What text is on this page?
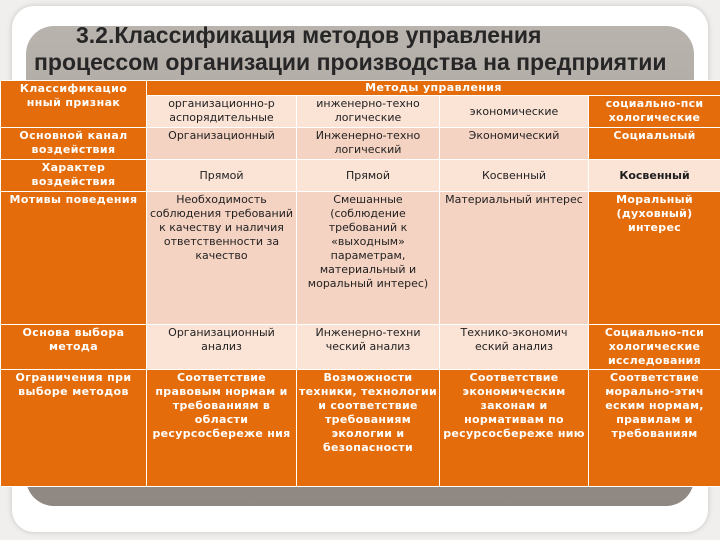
3.2.Классификация методов управления
процессом организации производства на предприятии
Классификацио нный признак	Методы управления			
	организационно-р аспорядительные	инженерно-техно логические	экономические	социально-пси хологические
Основной канал воздействия	Организационный	Инженерно-техно логический	Экономический	Социальный
Характер воздействия	Прямой	Прямой	Косвенный	Косвенный
Мотивы поведения	Необходимость соблюдения требований к качеству и наличия ответственности за качество	Смешанные (соблюдение требований к «выходным» параметрам, материальный и моральный интерес)	Материальный интерес	Моральный (духовный) интерес
Основа выбора метода	Организационный анализ	Инженерно-техни ческий анализ	Технико-экономич еский анализ	Социально-пси хологические исследования
Ограничения при выборе методов	Соответствие правовым нормам и требованиям в области ресурсосбереже ния	Возможности техники, технологии и соответствие требованиям экологии и безопасности	Соответствие экономическим законам и нормативам по ресурсосбереже нию	Соответствие морально-этич еским нормам, правилам и требованиям
